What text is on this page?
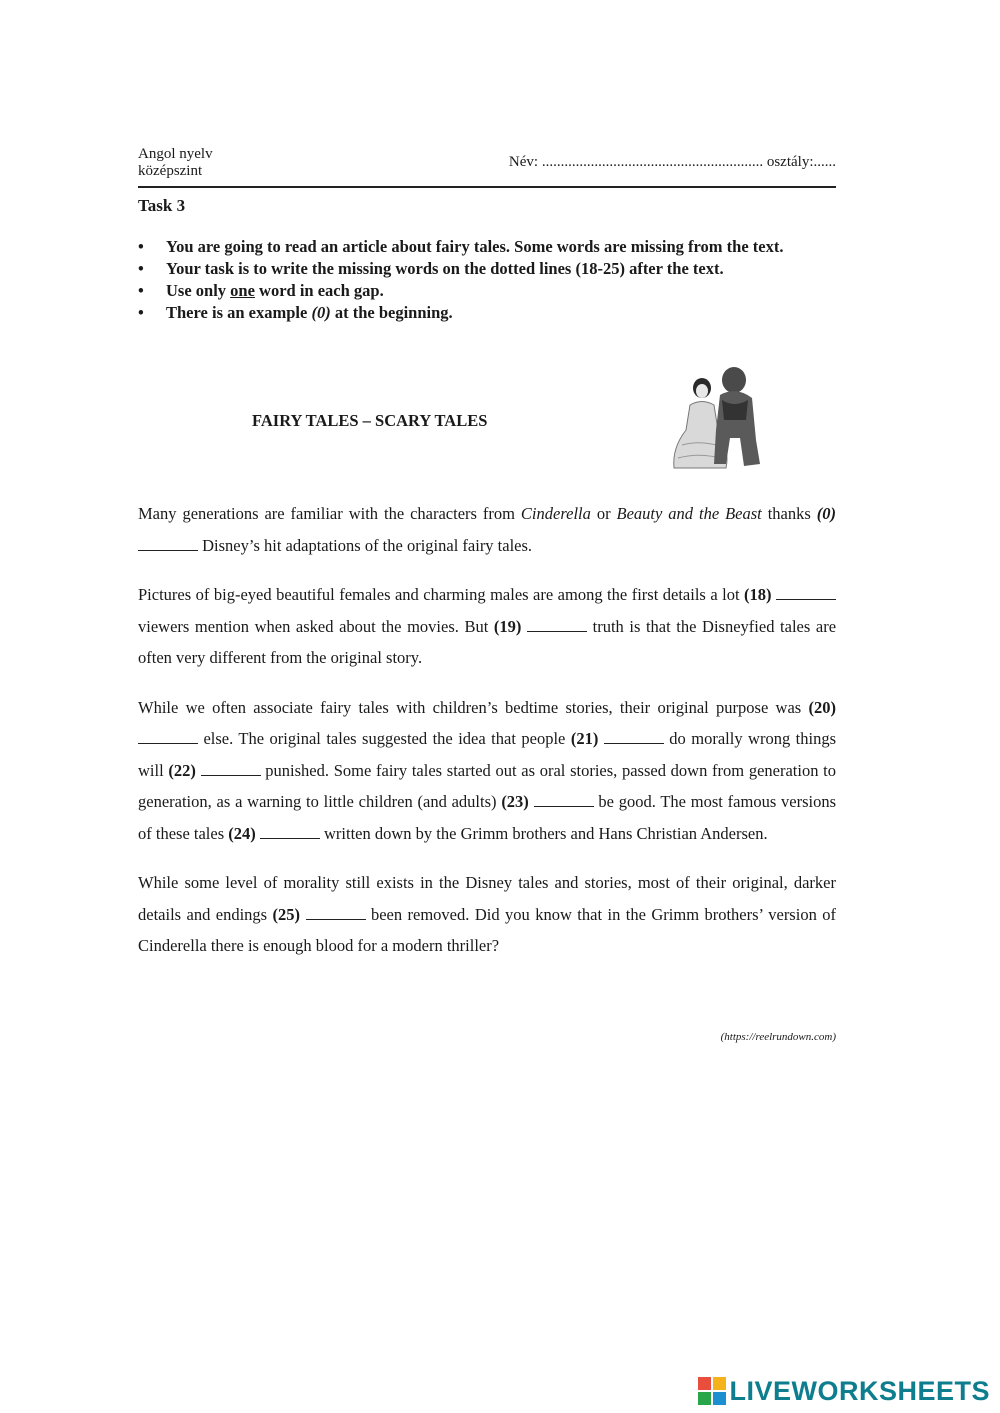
Angol nyelv
középszint
Név: ........................................................... osztály:......
Task 3
• You are going to read an article about fairy tales. Some words are missing from the text.
• Your task is to write the missing words on the dotted lines (18-25) after the text.
• Use only one word in each gap.
• There is an example (0) at the beginning.
FAIRY TALES – SCARY TALES

Many generations are familiar with the characters from Cinderella or Beauty and the Beast thanks (0)  Disney’s hit adaptations of the original fairy tales.

Pictures of big-eyed beautiful females and charming males are among the first details a lot (18)  viewers mention when asked about the movies. But (19)	truth is that the Disneyfied tales are often very different from the original story.

While we often associate fairy tales with children’s bedtime stories, their original purpose was (20)  else. The original tales suggested the idea that people (21)	do morally wrong things will (22)	punished. Some fairy tales started out as oral stories, passed down from generation to generation, as a warning to little children (and adults) (23)	be good. The most famous versions of these tales (24)	written down by the Grimm brothers and Hans Christian Andersen.

While some level of morality still exists in the Disney tales and stories, most of their original, darker details and endings (25)	been removed. Did you know that in the Grimm brothers’ version of Cinderella there is enough blood for a modern thriller?

(https://reelrundown.com)
LIVEWORKSHEETS
